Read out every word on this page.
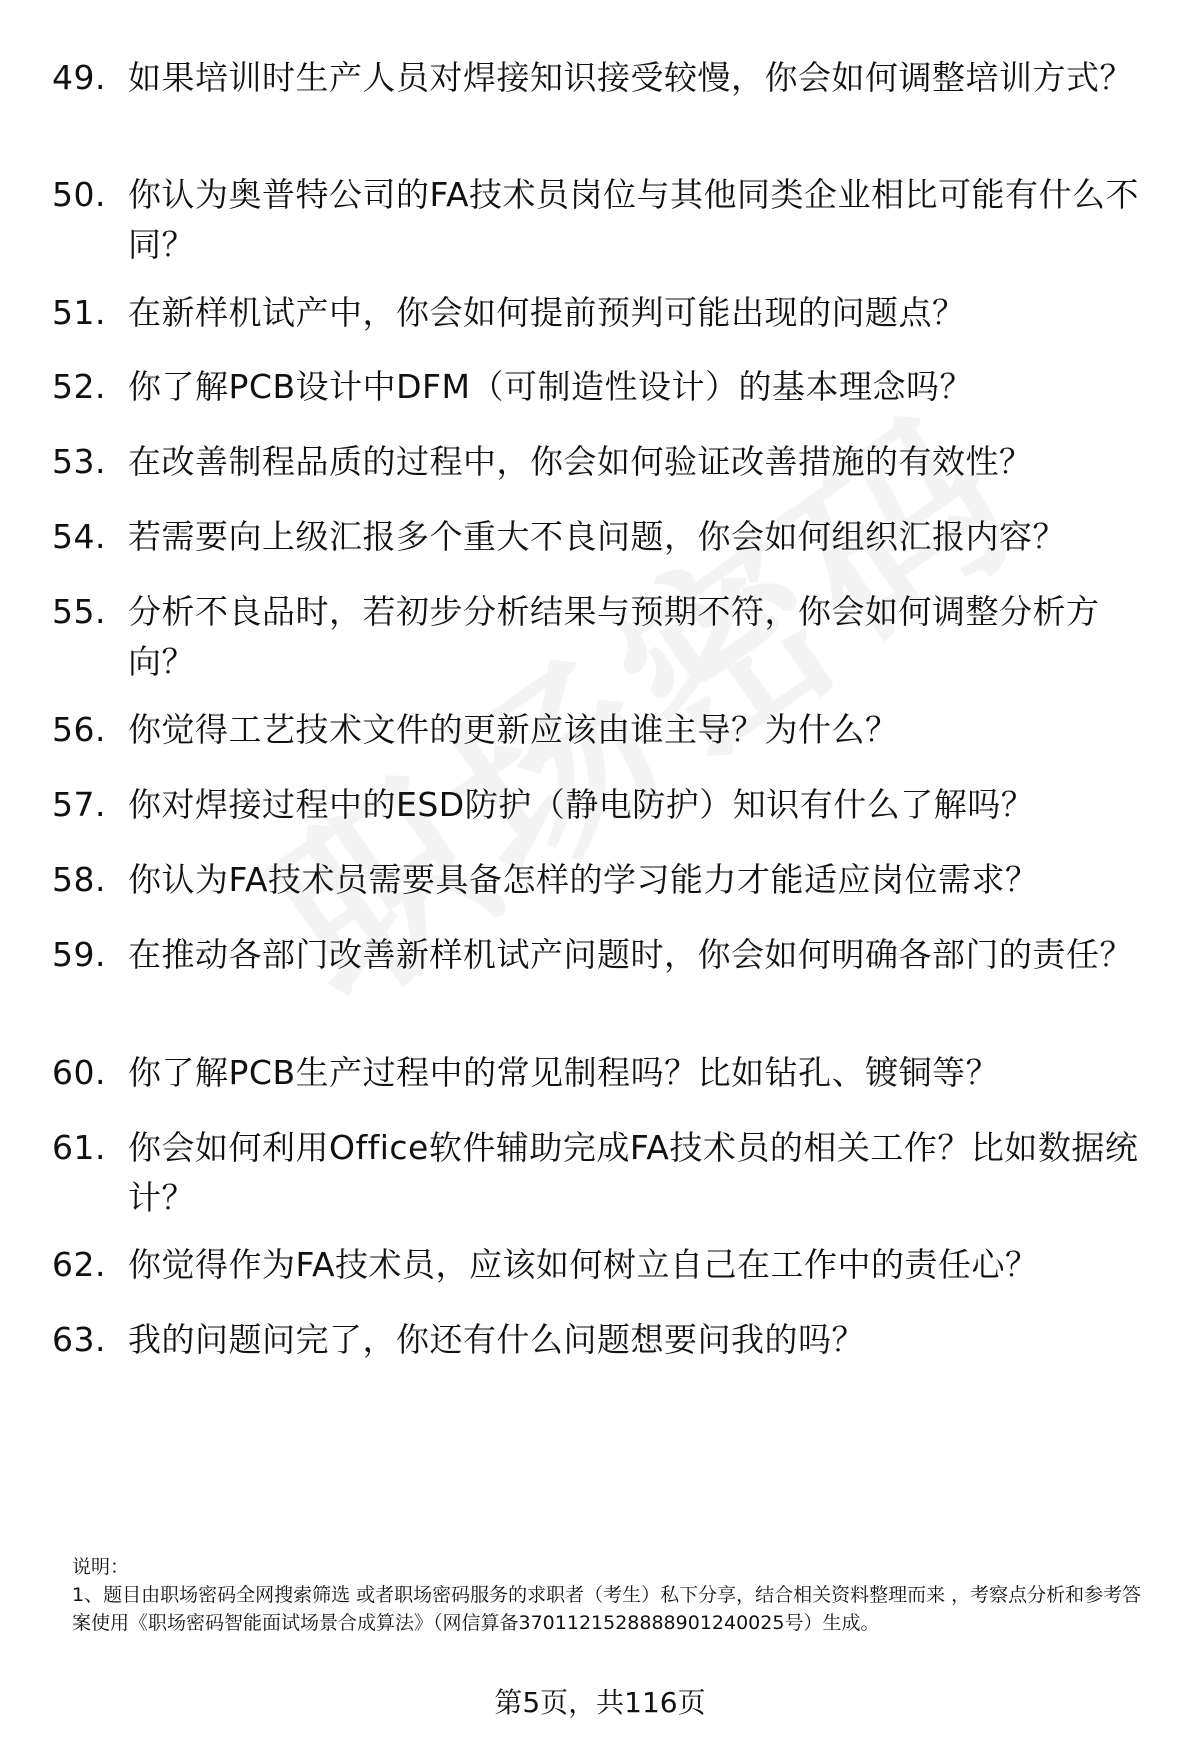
49. 如果培训时生产人员对焊接知识接受较慢，你会如何调整培训方式？
50. 你认为奥普特公司的FA技术员岗位与其他同类企业相比可能有什么不同？
51. 在新样机试产中，你会如何提前预判可能出现的问题点？
52. 你了解PCB设计中DFM（可制造性设计）的基本理念吗？
53. 在改善制程品质的过程中，你会如何验证改善措施的有效性？
54. 若需要向上级汇报多个重大不良问题，你会如何组织汇报内容？
55. 分析不良品时，若初步分析结果与预期不符，你会如何调整分析方向？
56. 你觉得工艺技术文件的更新应该由谁主导？为什么？
57. 你对焊接过程中的ESD防护（静电防护）知识有什么了解吗？
58. 你认为FA技术员需要具备怎样的学习能力才能适应岗位需求？
59. 在推动各部门改善新样机试产问题时，你会如何明确各部门的责任？
60. 你了解PCB生产过程中的常见制程吗？比如钻孔、镀铜等？
61. 你会如何利用Office软件辅助完成FA技术员的相关工作？比如数据统计？
62. 你觉得作为FA技术员，应该如何树立自己在工作中的责任心？
63. 我的问题问完了，你还有什么问题想要问我的吗？

说明：

1、题目由职场密码全网搜索筛选 或者职场密码服务的求职者（考生）私下分享，结合相关资料整理而来 ，考察点分析和参考答案使用《职场密码智能面试场景合成算法》（网信算备3701121528888901240025号）生成。

第5页，共116页
